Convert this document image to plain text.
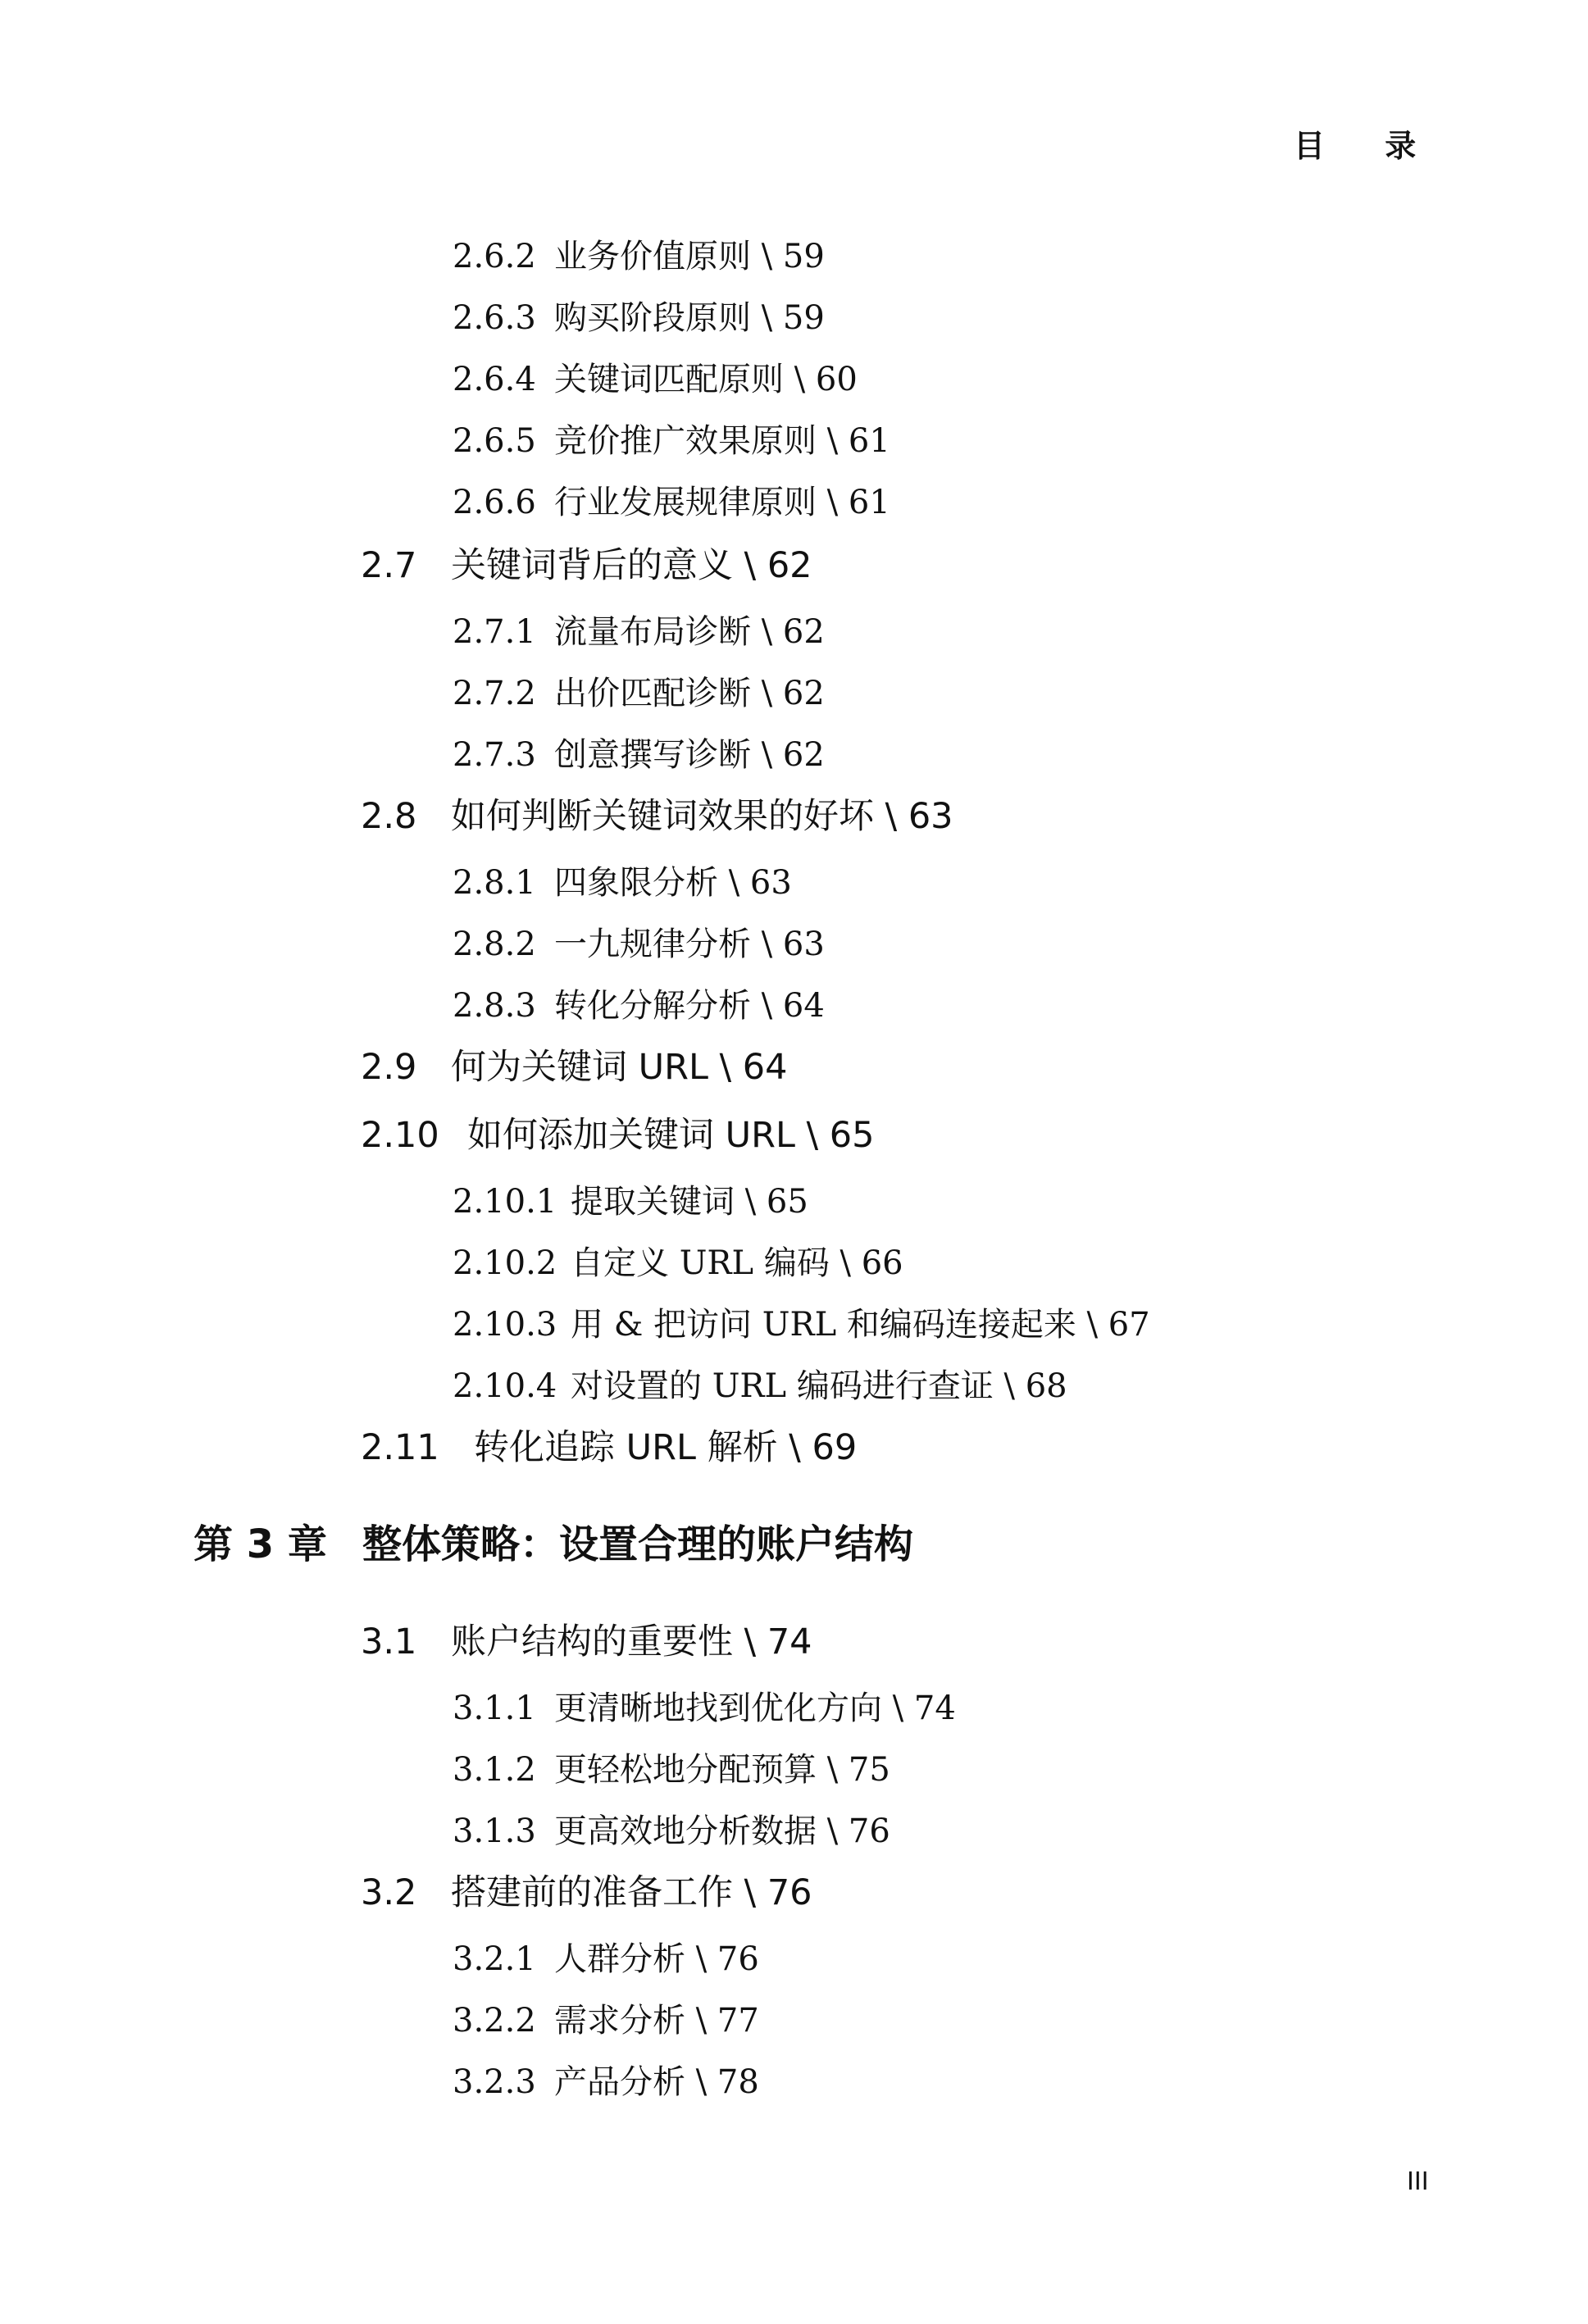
目 录
2.6.2 业务价值原则 \ 59
2.6.3 购买阶段原则 \ 59
2.6.4 关键词匹配原则 \ 60
2.6.5 竞价推广效果原则 \ 61
2.6.6 行业发展规律原则 \ 61
2.7 关键词背后的意义 \ 62
2.7.1 流量布局诊断 \ 62
2.7.2 出价匹配诊断 \ 62
2.7.3 创意撰写诊断 \ 62
2.8 如何判断关键词效果的好坏 \ 63
2.8.1 四象限分析 \ 63
2.8.2 一九规律分析 \ 63
2.8.3 转化分解分析 \ 64
2.9 何为关键词 URL \ 64
2.10 如何添加关键词 URL \ 65
2.10.1 提取关键词 \ 65
2.10.2 自定义 URL 编码 \ 66
2.10.3 用 & 把访问 URL 和编码连接起来 \ 67
2.10.4 对设置的 URL 编码进行查证 \ 68
2.11 转化追踪 URL 解析 \ 69
第 3 章 整体策略：设置合理的账户结构
3.1 账户结构的重要性 \ 74
3.1.1 更清晰地找到优化方向 \ 74
3.1.2 更轻松地分配预算 \ 75
3.1.3 更高效地分析数据 \ 76
3.2 搭建前的准备工作 \ 76
3.2.1 人群分析 \ 76
3.2.2 需求分析 \ 77
3.2.3 产品分析 \ 78
III
